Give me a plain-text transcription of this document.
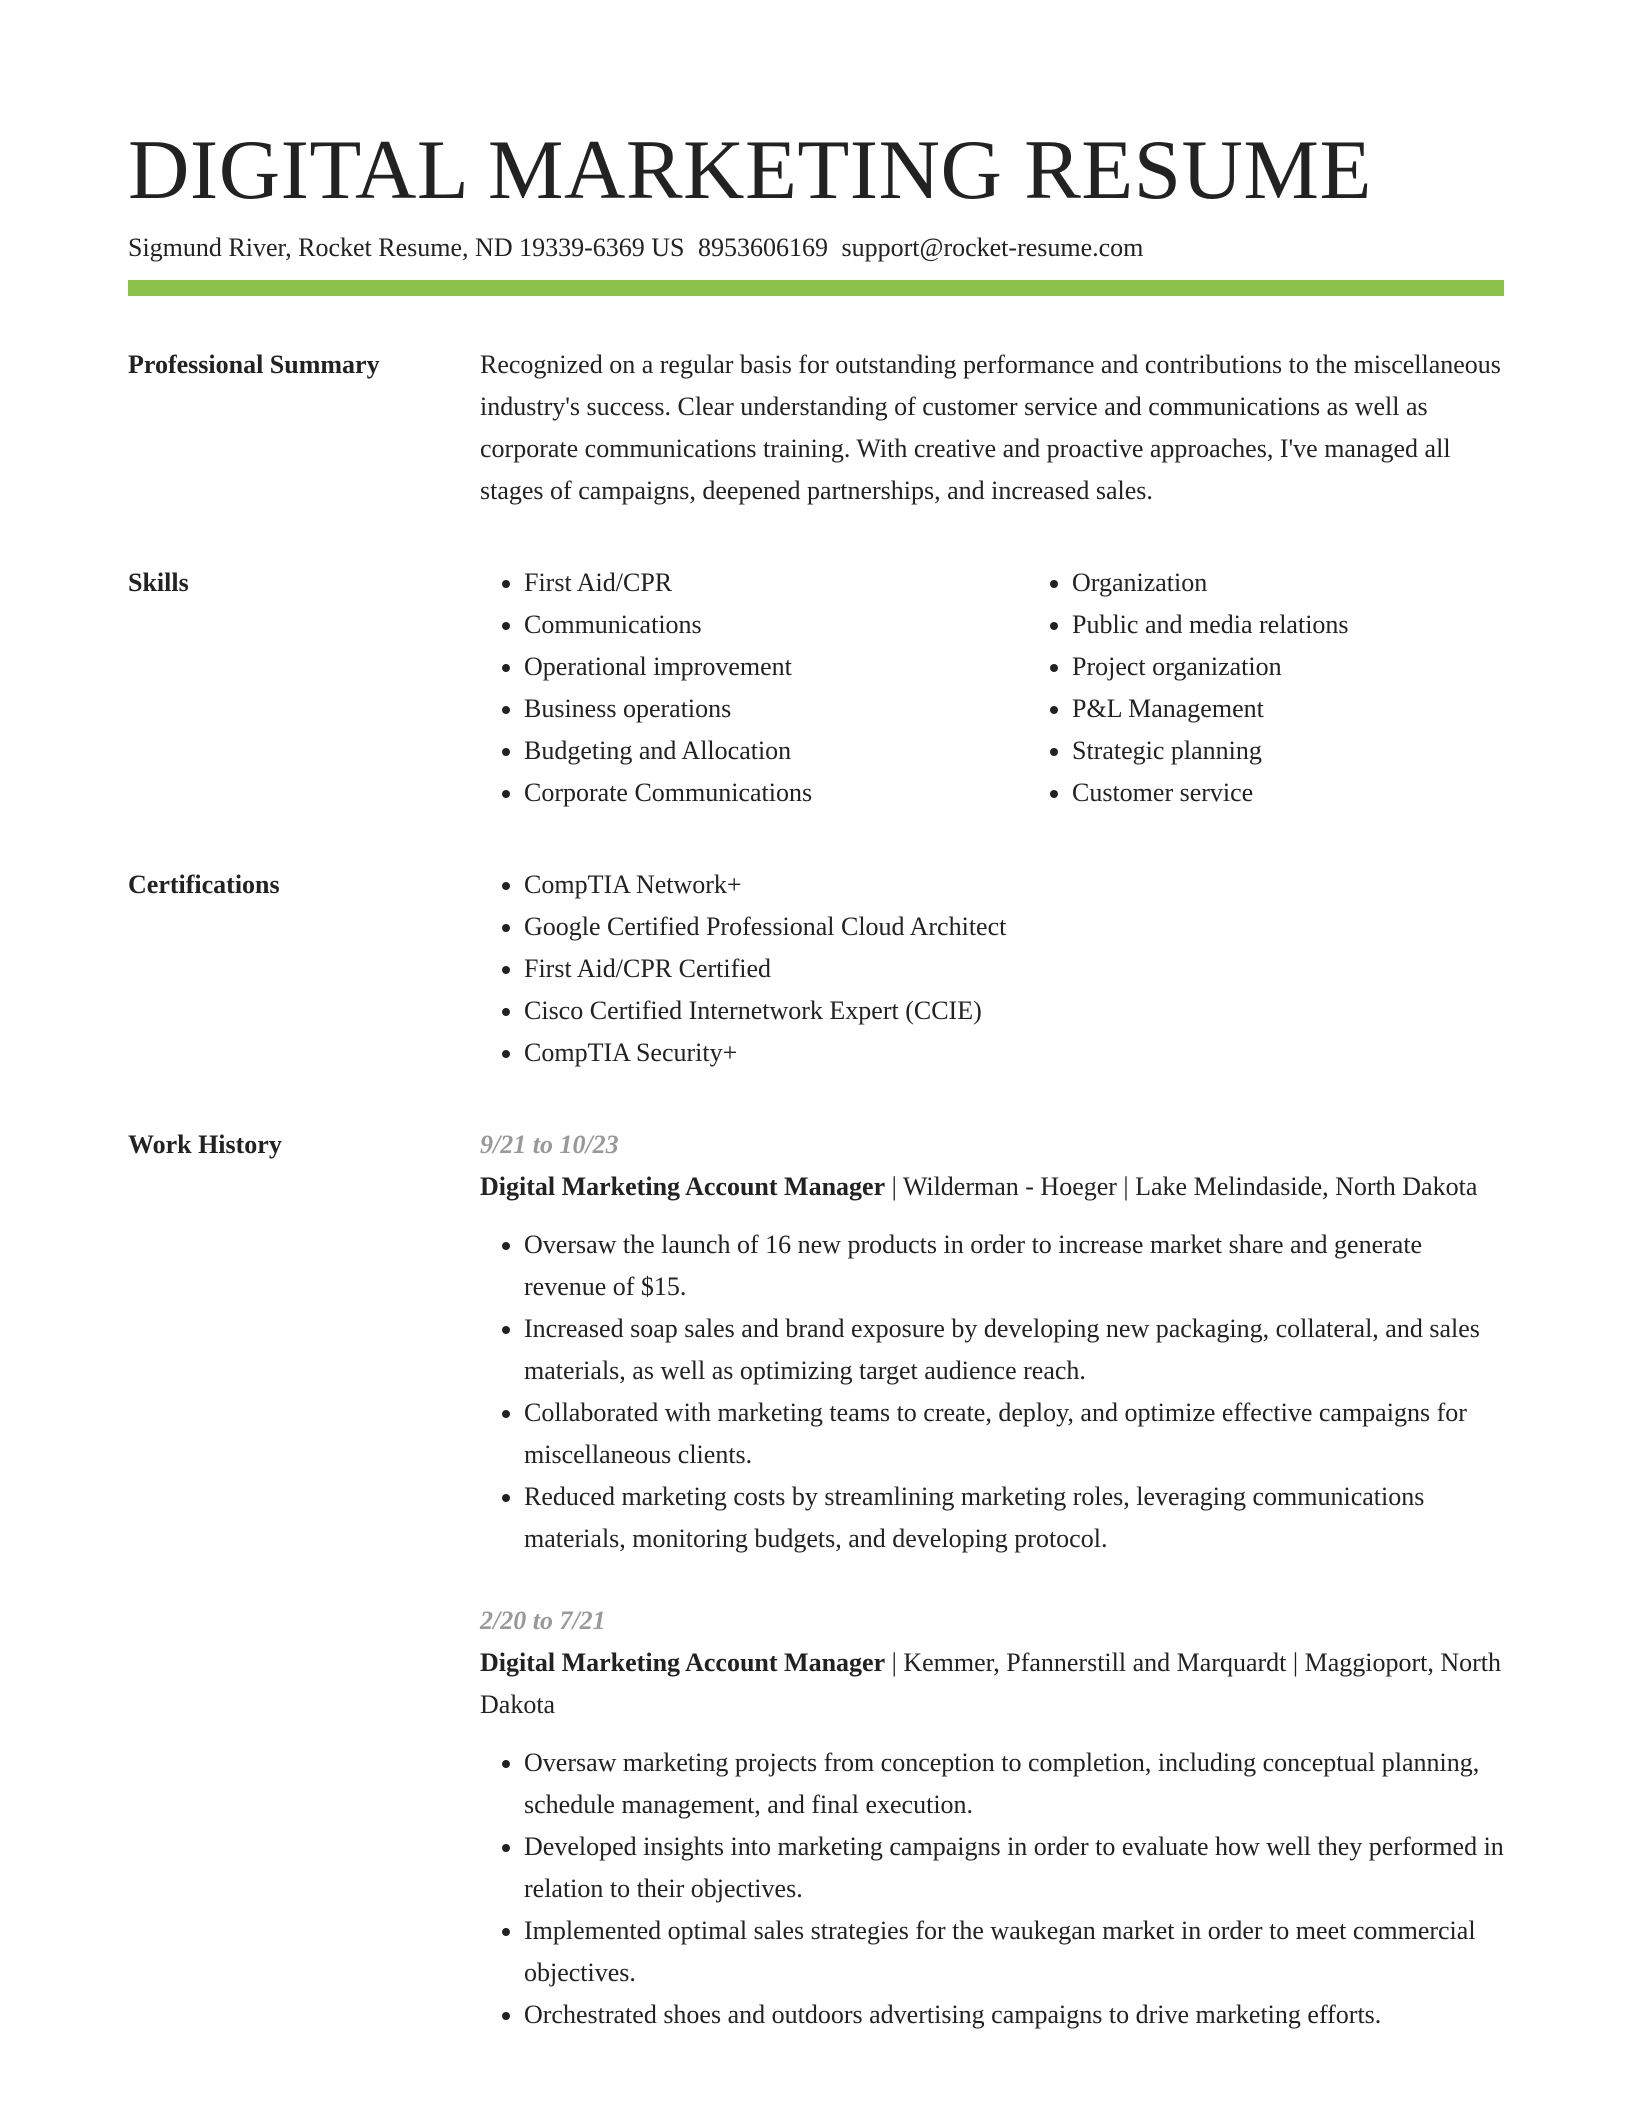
DIGITAL MARKETING RESUME
Sigmund River, Rocket Resume, ND 19339-6369 US 8953606169 support@rocket-resume.com
Professional Summary	Recognized on a regular basis for outstanding performance and contributions to the miscellaneous industry's success. Clear understanding of customer service and communications as well as corporate communications training. With creative and proactive approaches, I've managed all stages of campaigns, deepened partnerships, and increased sales.

Skills	• First Aid/CPR
• Communications
• Operational improvement
• Business operations
• Budgeting and Allocation
• Corporate Communications
• Organization
• Public and media relations
• Project organization
• P&L Management
• Strategic planning
• Customer service
Certifications	• CompTIA Network+
• Google Certified Professional Cloud Architect
• First Aid/CPR Certified
• Cisco Certified Internetwork Expert (CCIE)
• CompTIA Security+
Work History	9/21 to 10/23
Digital Marketing Account Manager | Wilderman - Hoeger | Lake Melindaside, North Dakota
• Oversaw the launch of 16 new products in order to increase market share and generate revenue of $15.
• Increased soap sales and brand exposure by developing new packaging, collateral, and sales materials, as well as optimizing target audience reach.
• Collaborated with marketing teams to create, deploy, and optimize effective campaigns for miscellaneous clients.
• Reduced marketing costs by streamlining marketing roles, leveraging communications materials, monitoring budgets, and developing protocol.
2/20 to 7/21
Digital Marketing Account Manager | Kemmer, Pfannerstill and Marquardt | Maggioport, North Dakota
• Oversaw marketing projects from conception to completion, including conceptual planning, schedule management, and final execution.
• Developed insights into marketing campaigns in order to evaluate how well they performed in relation to their objectives.
• Implemented optimal sales strategies for the waukegan market in order to meet commercial objectives.
• Orchestrated shoes and outdoors advertising campaigns to drive marketing efforts.
